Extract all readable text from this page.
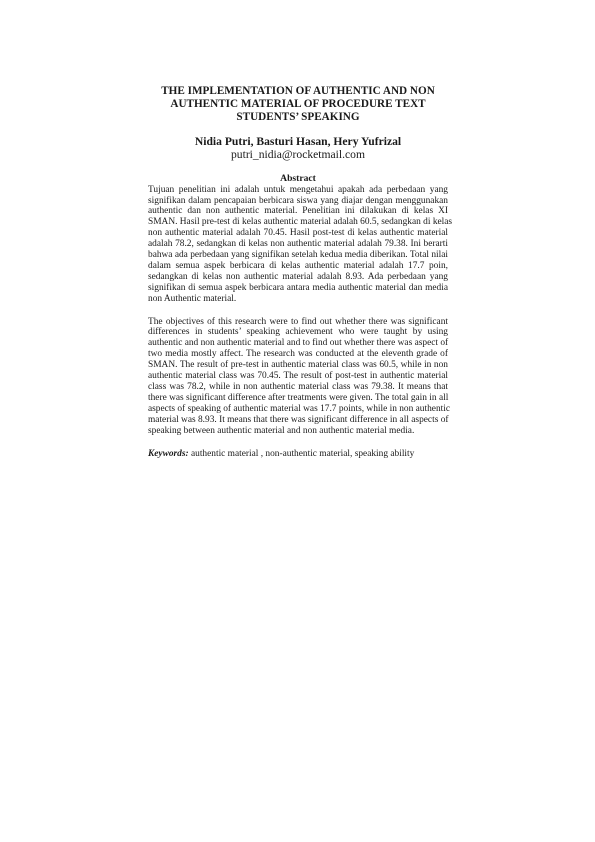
THE IMPLEMENTATION OF AUTHENTIC AND NON
AUTHENTIC MATERIAL OF PROCEDURE TEXT
STUDENTS’ SPEAKING
Nidia Putri, Basturi Hasan, Hery Yufrizal
putri_nidia@rocketmail.com
Abstract

Tujuan penelitian ini adalah untuk mengetahui apakah ada perbedaan yang
signifikan dalam pencapaian berbicara siswa yang diajar dengan menggunakan
authentic dan non authentic material. Penelitian ini dilakukan di kelas XI
SMAN. Hasil pre-test di kelas authentic material adalah 60.5, sedangkan di kelas
non authentic material adalah 70.45. Hasil post-test di kelas authentic material
adalah 78.2, sedangkan di kelas non authentic material adalah 79.38. Ini berarti
bahwa ada perbedaan yang signifikan setelah kedua media diberikan. Total nilai
dalam semua aspek berbicara di kelas authentic material adalah 17.7 poin,
sedangkan di kelas non authentic material adalah 8.93. Ada perbedaan yang
signifikan di semua aspek berbicara antara media authentic material dan media
non Authentic material.

The objectives of this research were to find out whether there was significant
differences in students’ speaking achievement who were taught by using
authentic and non authentic material and to find out whether there was aspect of
two media mostly affect. The research was conducted at the eleventh grade of
SMAN. The result of pre-test in authentic material class was 60.5, while in non
authentic material class was 70.45. The result of post-test in authentic material
class was 78.2, while in non authentic material class was 79.38. It means that
there was significant difference after treatments were given. The total gain in all
aspects of speaking of authentic material was 17.7 points, while in non authentic
material was 8.93. It means that there was significant difference in all aspects of
speaking between authentic material and non authentic material media.

Keywords: authentic material , non-authentic material, speaking ability
